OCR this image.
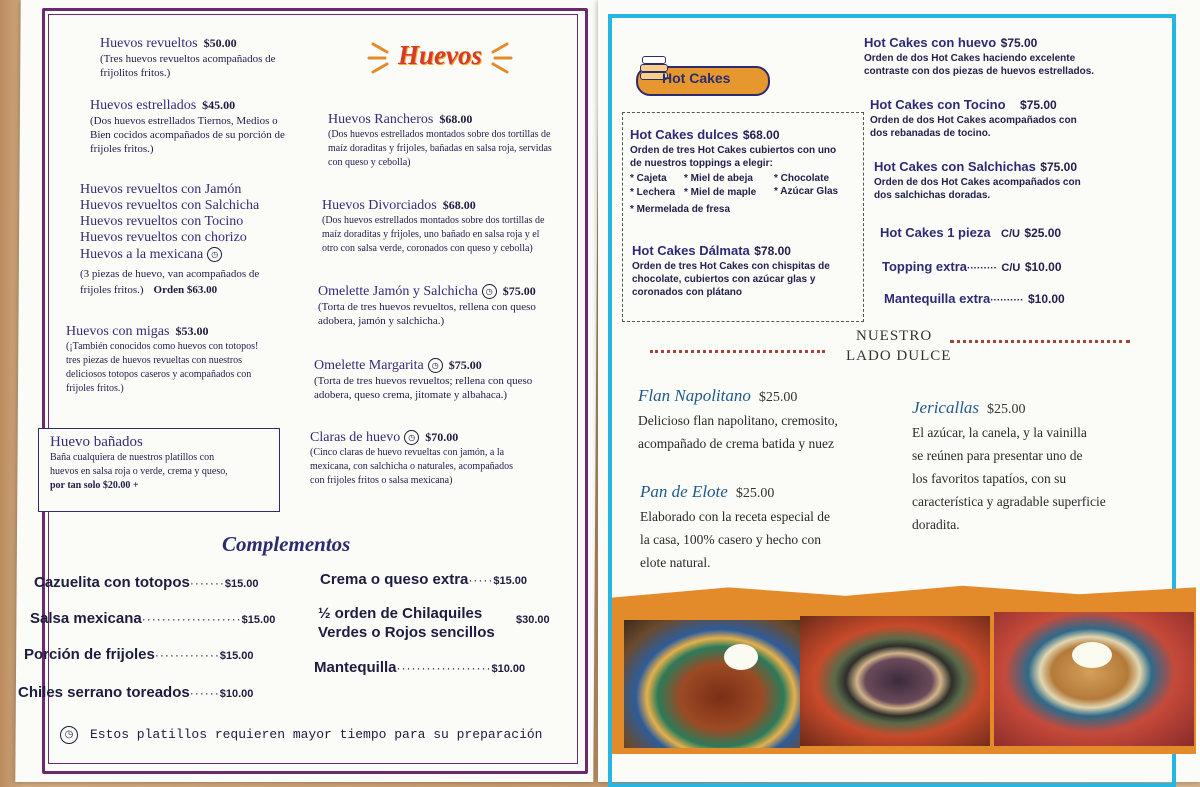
Huevos
Huevos revueltos $50.00
(Tres huevos revueltos acompañados de
frijolitos fritos.)
Huevos estrellados $45.00
(Dos huevos estrellados Tiernos, Medios o
Bien cocidos acompañados de su porción de
frijoles fritos.)
Huevos revueltos con Jamón
Huevos revueltos con Salchicha
Huevos revueltos con Tocino
Huevos revueltos con chorizo
Huevos a la mexicana ◷
(3 piezas de huevo, van acompañados de
frijoles fritos.) Orden $63.00
Huevos con migas $53.00
(¡También conocidos como huevos con totopos!
tres piezas de huevos revueltas con nuestros
deliciosos totopos caseros y acompañados con
frijoles fritos.)
Huevo bañados
Baña cualquiera de nuestros platillos con
huevos en salsa roja o verde, crema y queso,
por tan solo $20.00 +
Huevos Rancheros $68.00
(Dos huevos estrellados montados sobre dos tortillas de
maíz doraditas y frijoles, bañadas en salsa roja, servidas
con queso y cebolla)
Huevos Divorciados $68.00
(Dos huevos estrellados montados sobre dos tortillas de
maíz doraditas y frijoles, uno bañado en salsa roja y el
otro con salsa verde, coronados con queso y cebolla)
Omelette Jamón y Salchicha ◷ $75.00
(Torta de tres huevos revueltos, rellena con queso
adobera, jamón y salchicha.)
Omelette Margarita ◷ $75.00
(Torta de tres huevos revueltos; rellena con queso
adobera, queso crema, jitomate y albahaca.)
Claras de huevo ◷ $70.00
(Cinco claras de huevo revueltas con jamón, a la
mexicana, con salchicha o naturales, acompañados
con frijoles fritos o salsa mexicana)
Complementos
Cazuelita con totopos·······$15.00
Salsa mexicana····················$15.00
Porción de frijoles·············$15.00
Chiles serrano toreados······$10.00
Crema o queso extra·····$15.00
½ orden de Chilaquiles
Verdes o Rojos sencillos
$30.00
Mantequilla···················$10.00
◷	Estos platillos requieren mayor tiempo para su preparación
Hot Cakes
Hot Cakes dulces $68.00
Orden de tres Hot Cakes cubiertos con uno
de nuestros toppings a elegir:
* Cajeta * Miel de abeja * Chocolate
* Lechera * Miel de maple * Azúcar Glas
* Mermelada de fresa
Hot Cakes Dálmata $78.00
Orden de tres Hot Cakes con chispitas de
chocolate, cubiertos con azúcar glas y
coronados con plátano
Hot Cakes con huevo $75.00
Orden de dos Hot Cakes haciendo excelente
contraste con dos piezas de huevos estrellados.
Hot Cakes con Tocino $75.00
Orden de dos Hot Cakes acompañados con
dos rebanadas de tocino.
Hot Cakes con Salchichas $75.00
Orden de dos Hot Cakes acompañados con
dos salchichas doradas.
Hot Cakes 1 pieza C/U $25.00
Topping extra········· C/U $10.00
Mantequilla extra·········· $10.00
NUESTRO
LADO DULCE
Flan Napolitano $25.00
Delicioso flan napolitano, cremosito,
acompañado de crema batida y nuez
Pan de Elote $25.00
Elaborado con la receta especial de
la casa, 100% casero y hecho con
elote natural.
Jericallas $25.00
El azúcar, la canela, y la vainilla
se reúnen para presentar uno de
los favoritos tapatíos, con su
característica y agradable superficie
doradita.
